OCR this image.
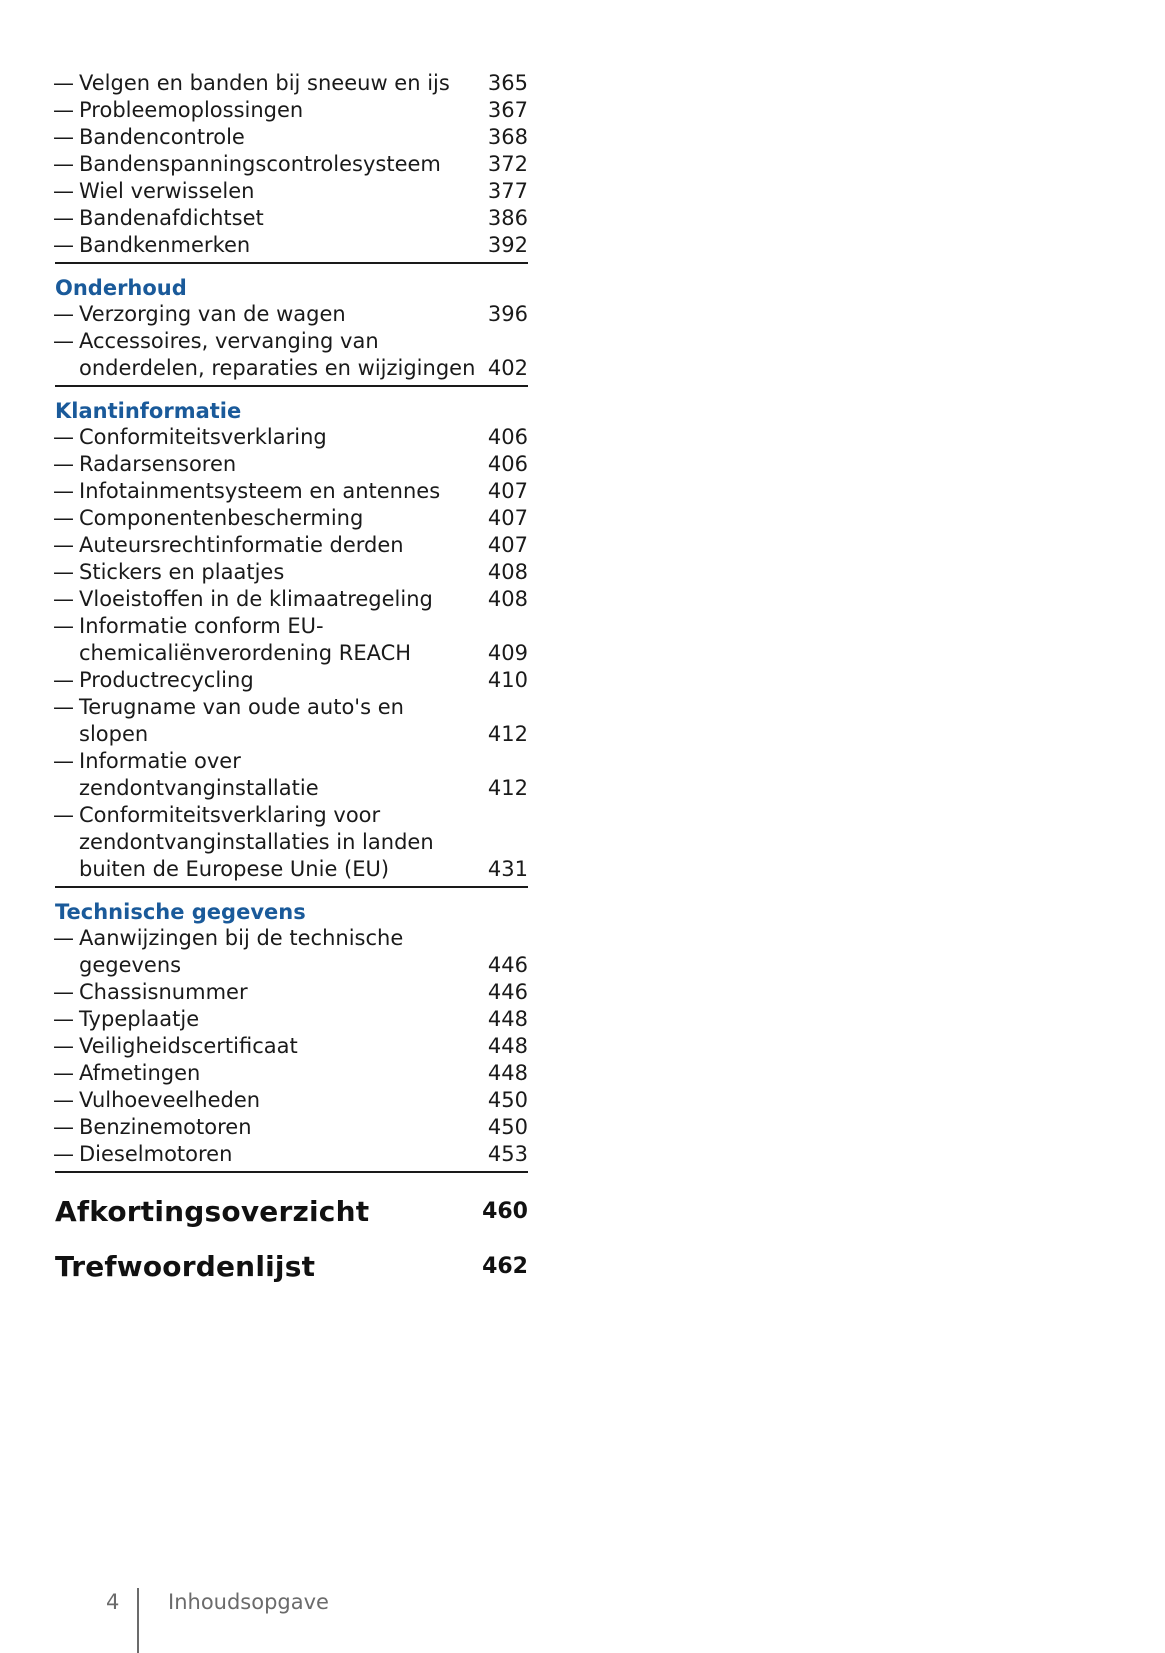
— Velgen en banden bij sneeuw en ijs	365
— Probleemoplossingen	367
— Bandencontrole	368
— Bandenspanningscontrolesysteem	372
— Wiel verwisselen	377
— Bandenafdichtset	386
— Bandkenmerken	392
Onderhoud
— Verzorging van de wagen	396
— Accessoires, vervanging van onderdelen, reparaties en wijzigingen 402
Klantinformatie
— Conformiteitsverklaring	406
— Radarsensoren	406
— Infotainmentsysteem en antennes	407
— Componentenbescherming	407
— Auteursrechtinformatie derden	407
— Stickers en plaatjes	408
— Vloeistoffen in de klimaatregeling	408
— Informatie conform EU-chemicaliënverordening REACH	409
— Productrecycling	410
— Terugname van oude auto's en slopen	412
— Informatie over zendontvanginstallatie	412
— Conformiteitsverklaring voor zendontvanginstallaties in landen buiten de Europese Unie (EU)	431
Technische gegevens
— Aanwijzingen bij de technische gegevens	446
— Chassisnummer	446
— Typeplaatje	448
— Veiligheidscertificaat	448
— Afmetingen	448
— Vulhoeveelheden	450
— Benzinemotoren	450
— Dieselmotoren	453
Afkortingsoverzicht	460
Trefwoordenlijst	462
4 Inhoudsopgave
